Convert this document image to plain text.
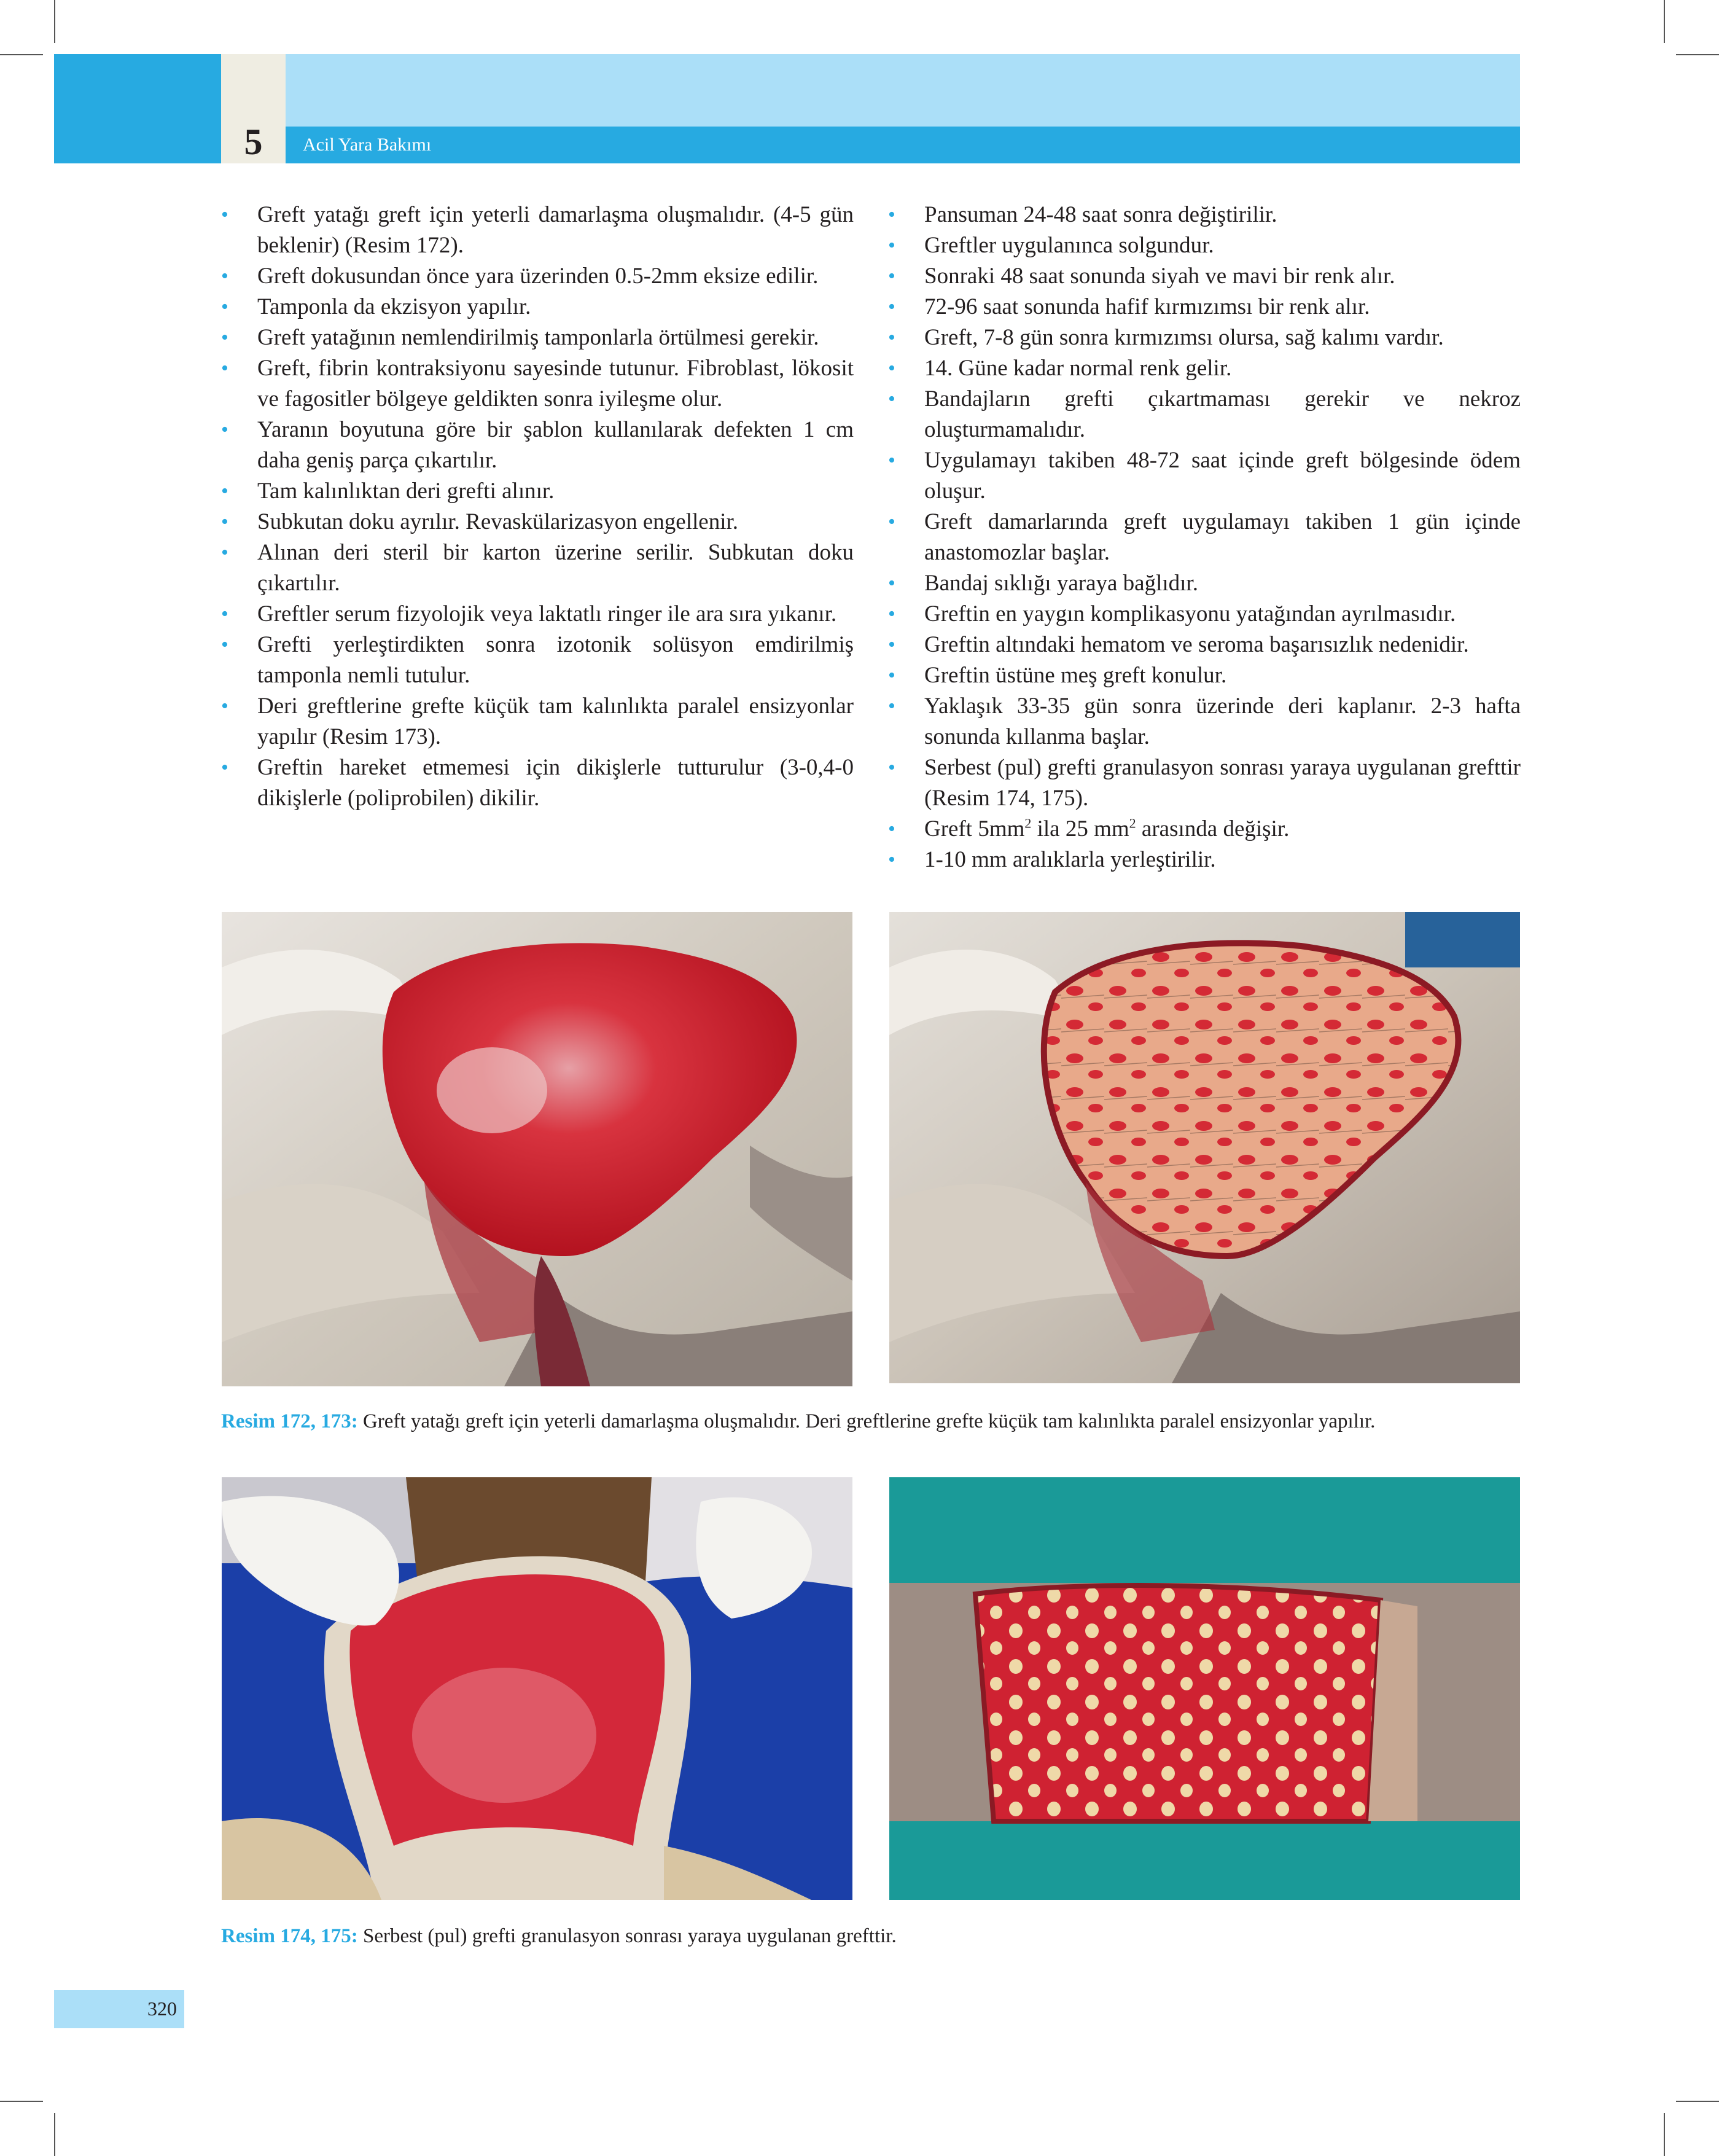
5	Acil Yara Bakımı
• Greft yatağı greft için yeterli damarlaşma oluşmalıdır. (4-5 gün beklenir) (Resim 172).
• Greft dokusundan önce yara üzerinden 0.5-2mm eksize edilir.
• Tamponla da ekzisyon yapılır.
• Greft yatağının nemlendirilmiş tamponlarla örtülmesi gerekir.
• Greft, fibrin kontraksiyonu sayesinde tutunur. Fibroblast, lökosit ve fagositler bölgeye geldikten sonra iyileşme olur.
• Yaranın boyutuna göre bir şablon kullanılarak defekten 1 cm daha geniş parça çıkartılır.
• Tam kalınlıktan deri grefti alınır.
• Subkutan doku ayrılır. Revaskülarizasyon engellenir.
• Alınan deri steril bir karton üzerine serilir. Subkutan doku çıkartılır.
• Greftler serum fizyolojik veya laktatlı ringer ile ara sıra yıkanır.
• Grefti yerleştirdikten sonra izotonik solüsyon emdirilmiş tamponla nemli tutulur.
• Deri greftlerine grefte küçük tam kalınlıkta paralel ensizyonlar yapılır (Resim 173).
• Greftin hareket etmemesi için dikişlerle tutturulur (3-0,4-0 dikişlerle (poliprobilen) dikilir.
• Pansuman 24-48 saat sonra değiştirilir.
• Greftler uygulanınca solgundur.
• Sonraki 48 saat sonunda siyah ve mavi bir renk alır.
• 72-96 saat sonunda hafif kırmızımsı bir renk alır.
• Greft, 7-8 gün sonra kırmızımsı olursa, sağ kalımı vardır.
• 14. Güne kadar normal renk gelir.
• Bandajların grefti çıkartmaması gerekir ve nekroz oluşturmamalıdır.
• Uygulamayı takiben 48-72 saat içinde greft bölgesinde ödem oluşur.
• Greft damarlarında greft uygulamayı takiben 1 gün içinde anastomozlar başlar.
• Bandaj sıklığı yaraya bağlıdır.
• Greftin en yaygın komplikasyonu yatağından ayrılmasıdır.
• Greftin altındaki hematom ve seroma başarısızlık nedenidir.
• Greftin üstüne meş greft konulur.
• Yaklaşık 33-35 gün sonra üzerinde deri kaplanır. 2-3 hafta sonunda kıllanma başlar.
• Serbest (pul) grefti granulasyon sonrası yaraya uygulanan grefttir (Resim 174, 175).
• Greft $5mm^2$ ila 25 $mm^2$ arasında değişir.
• 1-10 mm aralıklarla yerleştirilir.
Resim 172, 173: Greft yatağı greft için yeterli damarlaşma oluşmalıdır. Deri greftlerine grefte küçük tam kalınlıkta paralel ensizyonlar yapılır.
Resim 174, 175: Serbest (pul) grefti granulasyon sonrası yaraya uygulanan grefttir.
320
